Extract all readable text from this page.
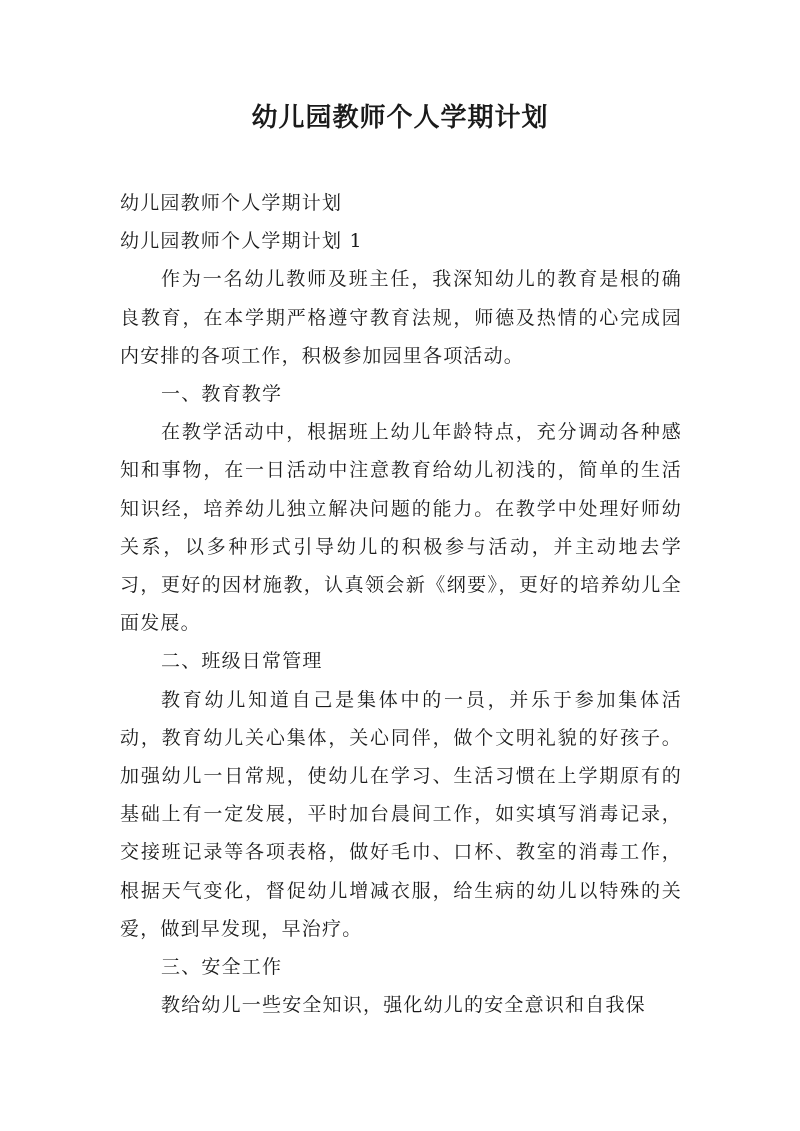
幼儿园教师个人学期计划

幼儿园教师个人学期计划

幼儿园教师个人学期计划 1

作为一名幼儿教师及班主任，我深知幼儿的教育是根的确良教育，在本学期严格遵守教育法规，师德及热情的心完成园内安排的各项工作，积极参加园里各项活动。

一、教育教学

在教学活动中，根据班上幼儿年龄特点，充分调动各种感知和事物，在一日活动中注意教育给幼儿初浅的，简单的生活知识经，培养幼儿独立解决问题的能力。在教学中处理好师幼关系，以多种形式引导幼儿的积极参与活动，并主动地去学习，更好的因材施教，认真领会新《纲要》，更好的培养幼儿全面发展。

二、班级日常管理

教育幼儿知道自己是集体中的一员，并乐于参加集体活动，教育幼儿关心集体，关心同伴，做个文明礼貌的好孩子。加强幼儿一日常规，使幼儿在学习、生活习惯在上学期原有的基础上有一定发展，平时加台晨间工作，如实填写消毒记录，交接班记录等各项表格，做好毛巾、口杯、教室的消毒工作，根据天气变化，督促幼儿增减衣服，给生病的幼儿以特殊的关爱，做到早发现，早治疗。

三、安全工作

教给幼儿一些安全知识，强化幼儿的安全意识和自我保
